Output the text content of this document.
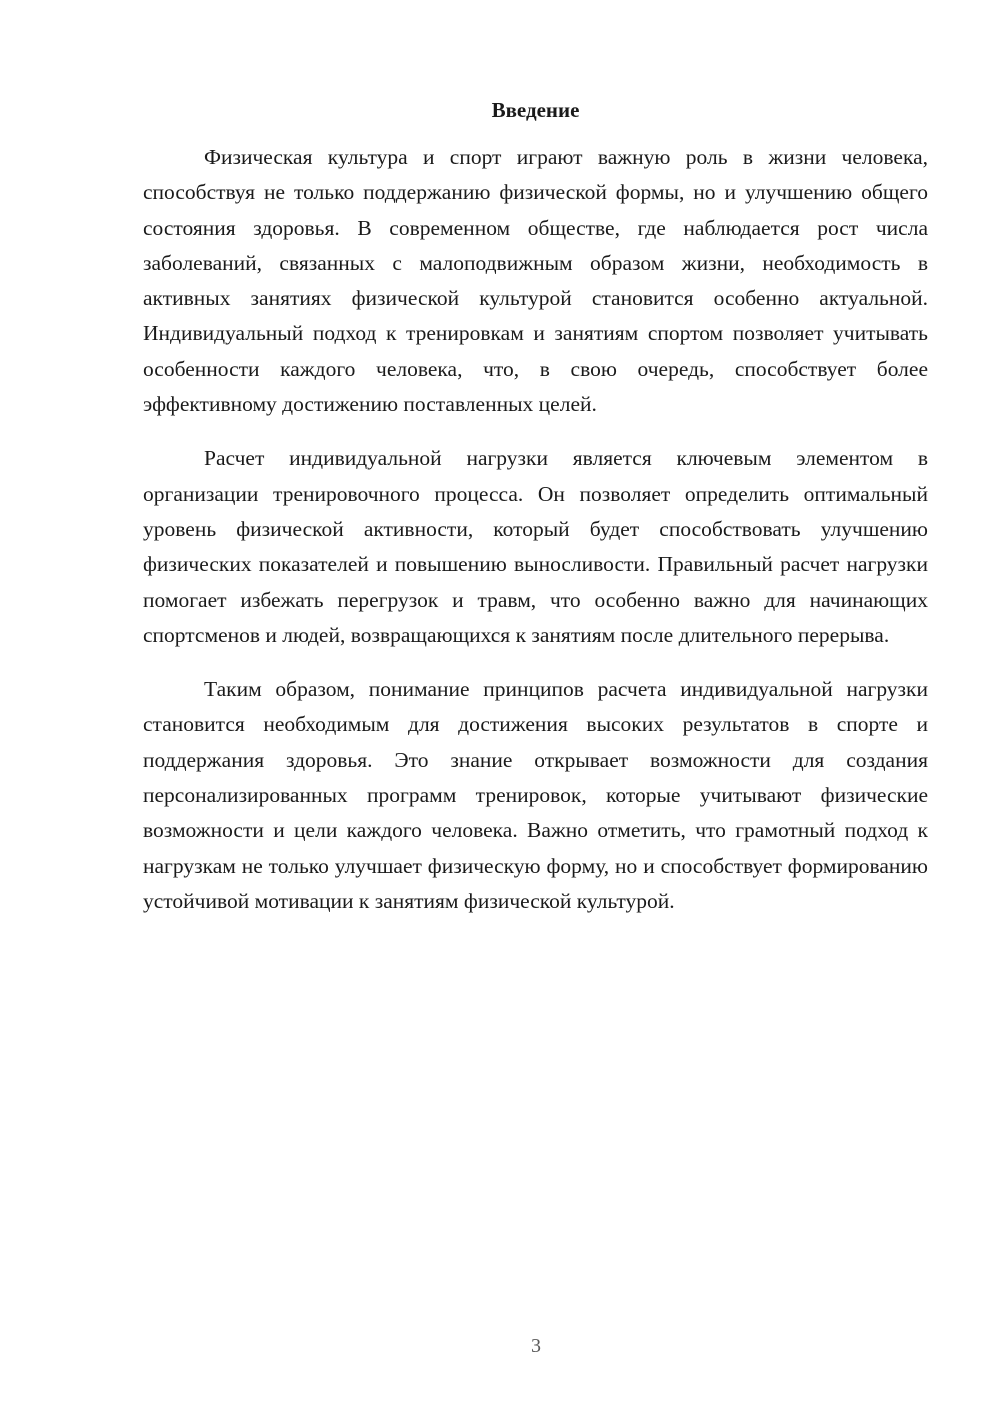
Введение

Физическая культура и спорт играют важную роль в жизни человека, способствуя не только поддержанию физической формы, но и улучшению общего состояния здоровья. В современном обществе, где наблюдается рост числа заболеваний, связанных с малоподвижным образом жизни, необходимость в активных занятиях физической культурой становится особенно актуальной. Индивидуальный подход к тренировкам и занятиям спортом позволяет учитывать особенности каждого человека, что, в свою очередь, способствует более эффективному достижению поставленных целей.

Расчет индивидуальной нагрузки является ключевым элементом в организации тренировочного процесса. Он позволяет определить оптимальный уровень физической активности, который будет способствовать улучшению физических показателей и повышению выносливости. Правильный расчет нагрузки помогает избежать перегрузок и травм, что особенно важно для начинающих спортсменов и людей, возвращающихся к занятиям после длительного перерыва.

Таким образом, понимание принципов расчета индивидуальной нагрузки становится необходимым для достижения высоких результатов в спорте и поддержания здоровья. Это знание открывает возможности для создания персонализированных программ тренировок, которые учитывают физические возможности и цели каждого человека. Важно отметить, что грамотный подход к нагрузкам не только улучшает физическую форму, но и способствует формированию устойчивой мотивации к занятиям физической культурой.

3
